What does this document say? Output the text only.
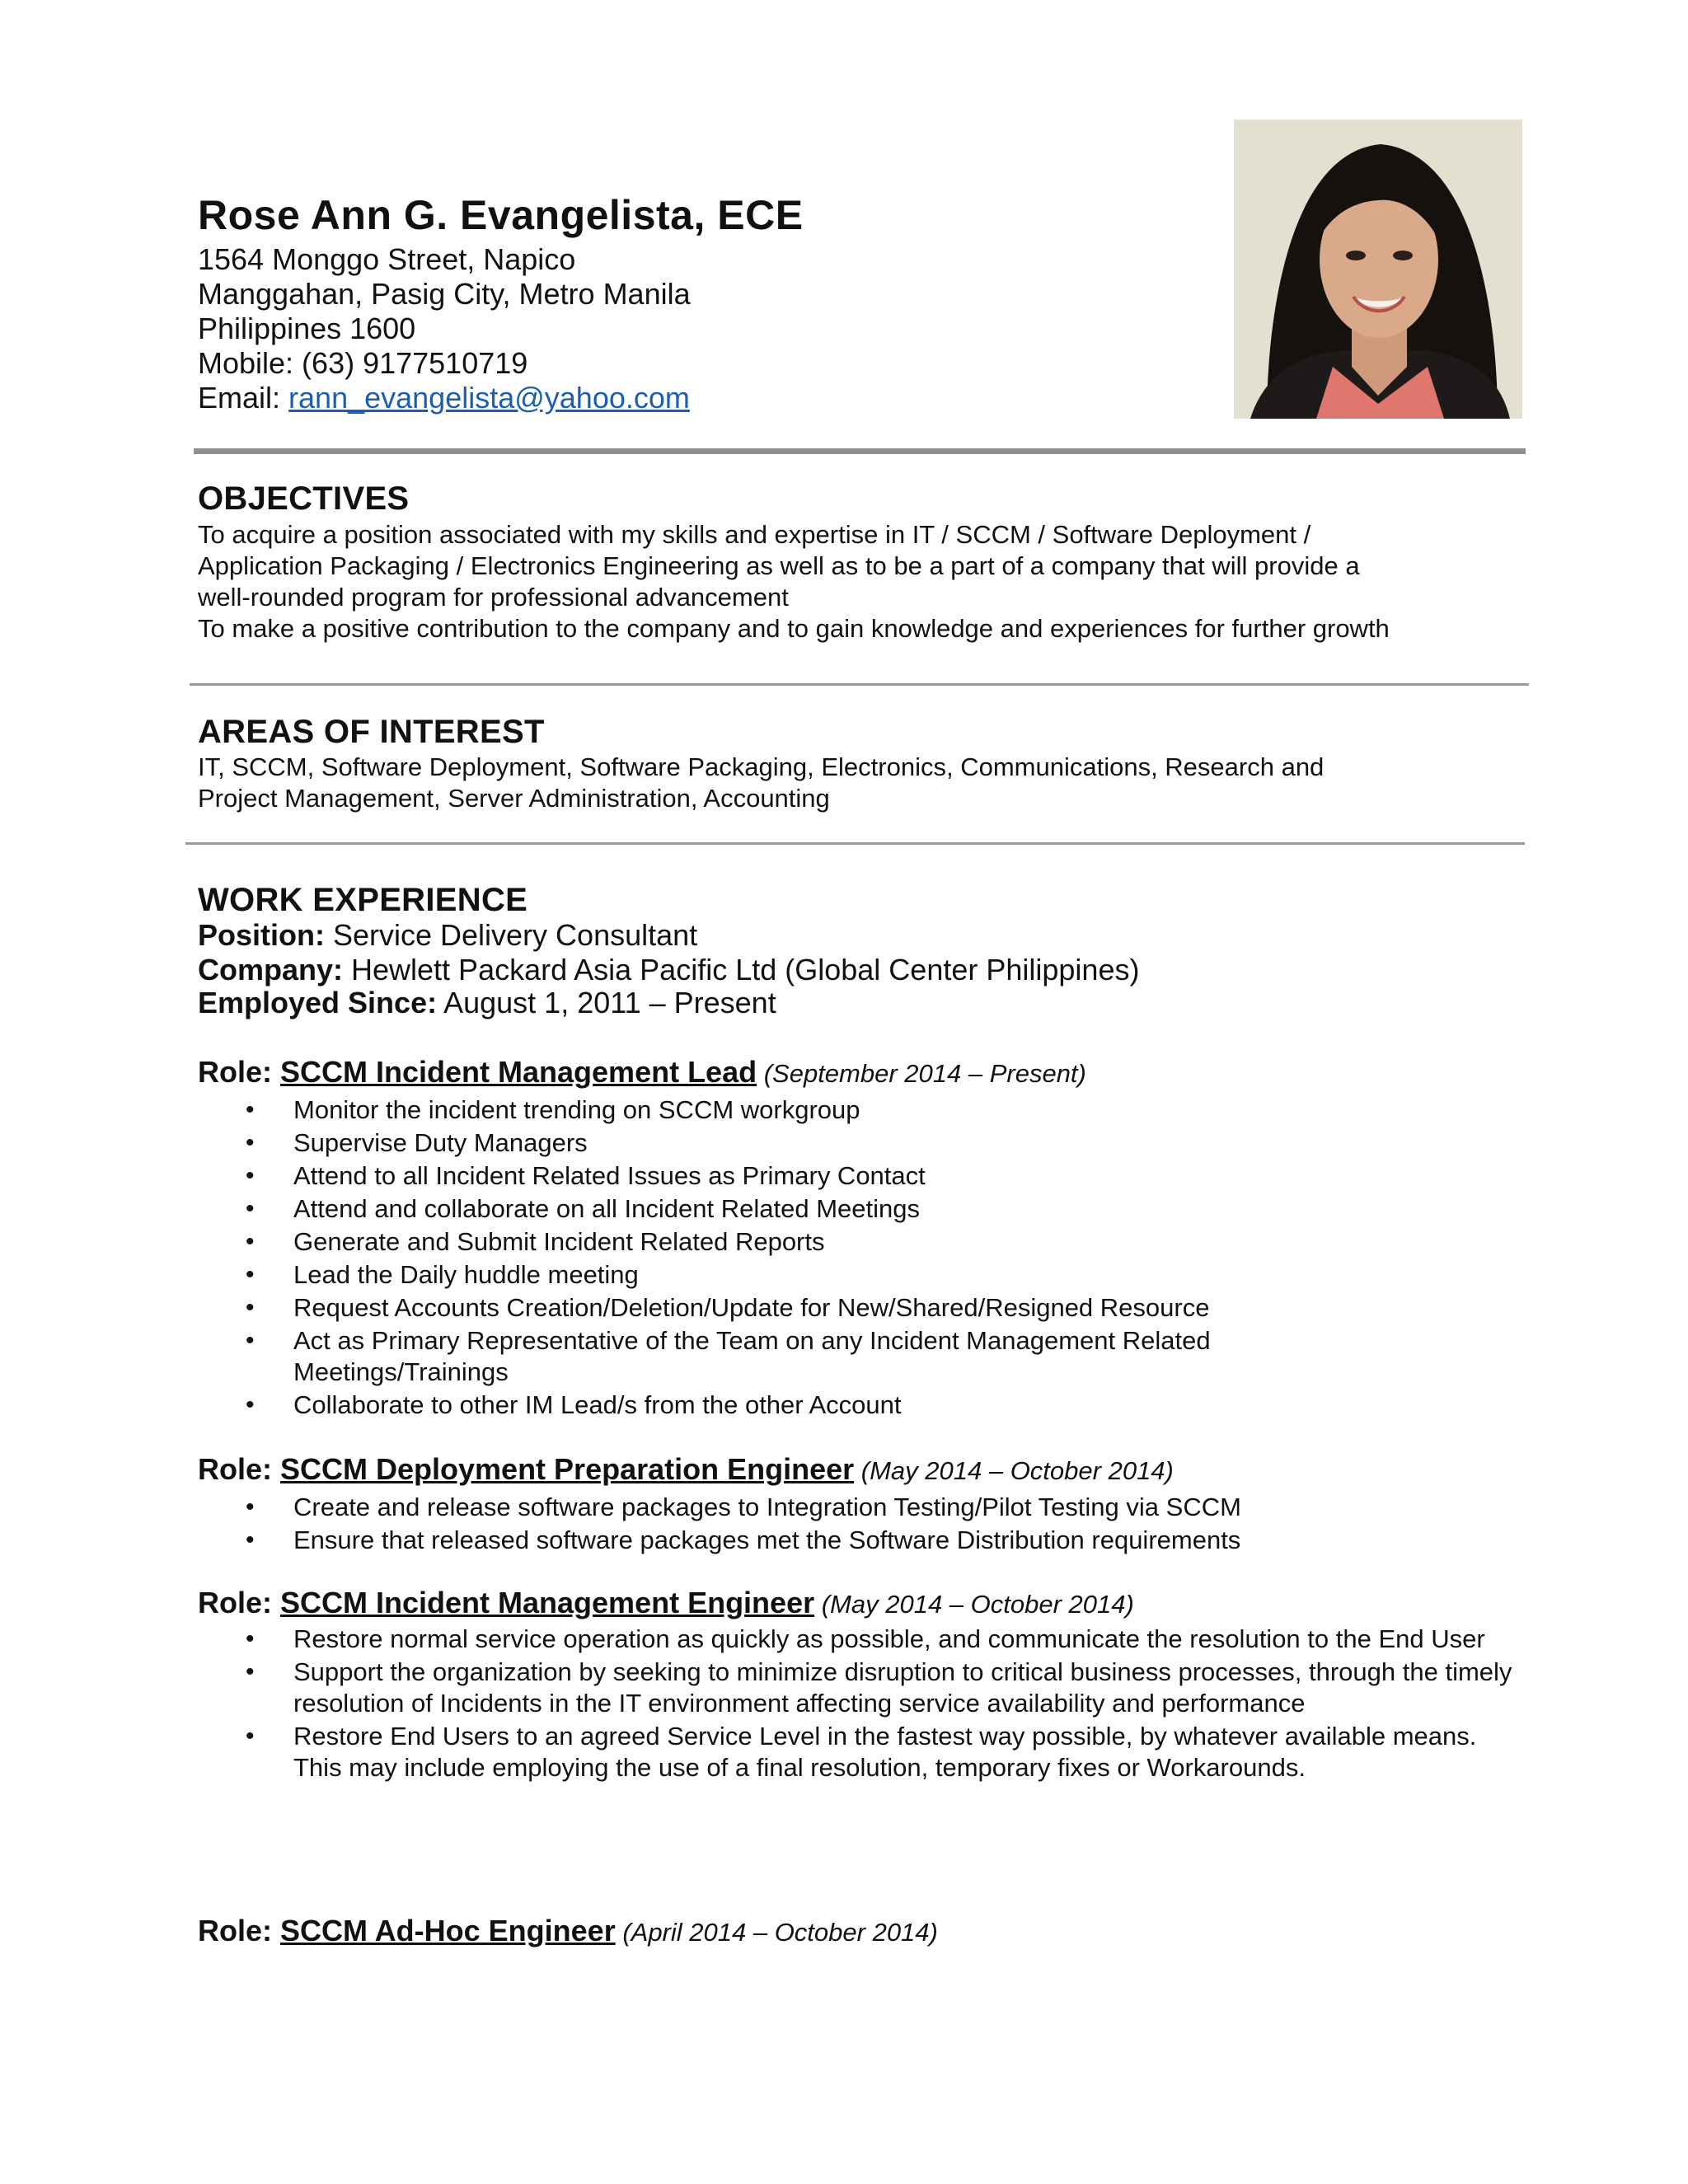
Rose Ann G. Evangelista, ECE
1564 Monggo Street, Napico
Manggahan, Pasig City, Metro Manila
Philippines 1600
Mobile: (63) 9177510719
Email: rann_evangelista@yahoo.com
OBJECTIVES
To acquire a position associated with my skills and expertise in IT / SCCM / Software Deployment /
Application Packaging / Electronics Engineering as well as to be a part of a company that will provide a
well-rounded program for professional advancement
To make a positive contribution to the company and to gain knowledge and experiences for further growth
AREAS OF INTEREST
IT, SCCM, Software Deployment, Software Packaging, Electronics, Communications, Research and
Project Management, Server Administration, Accounting
WORK EXPERIENCE
Position: Service Delivery Consultant
Company: Hewlett Packard Asia Pacific Ltd (Global Center Philippines)
Employed Since: August 1, 2011 – Present
Role: SCCM Incident Management Lead (September 2014 – Present)
• Monitor the incident trending on SCCM workgroup
• Supervise Duty Managers
• Attend to all Incident Related Issues as Primary Contact
• Attend and collaborate on all Incident Related Meetings
• Generate and Submit Incident Related Reports
• Lead the Daily huddle meeting
• Request Accounts Creation/Deletion/Update for New/Shared/Resigned Resource
• Act as Primary Representative of the Team on any Incident Management Related Meetings/Trainings
• Collaborate to other IM Lead/s from the other Account
Role: SCCM Deployment Preparation Engineer (May 2014 – October 2014)
• Create and release software packages to Integration Testing/Pilot Testing via SCCM
• Ensure that released software packages met the Software Distribution requirements
Role: SCCM Incident Management Engineer (May 2014 – October 2014)
• Restore normal service operation as quickly as possible, and communicate the resolution to the End User
• Support the organization by seeking to minimize disruption to critical business processes, through the timely resolution of Incidents in the IT environment affecting service availability and performance
• Restore End Users to an agreed Service Level in the fastest way possible, by whatever available means. This may include employing the use of a final resolution, temporary fixes or Workarounds.
Role: SCCM Ad-Hoc Engineer (April 2014 – October 2014)
